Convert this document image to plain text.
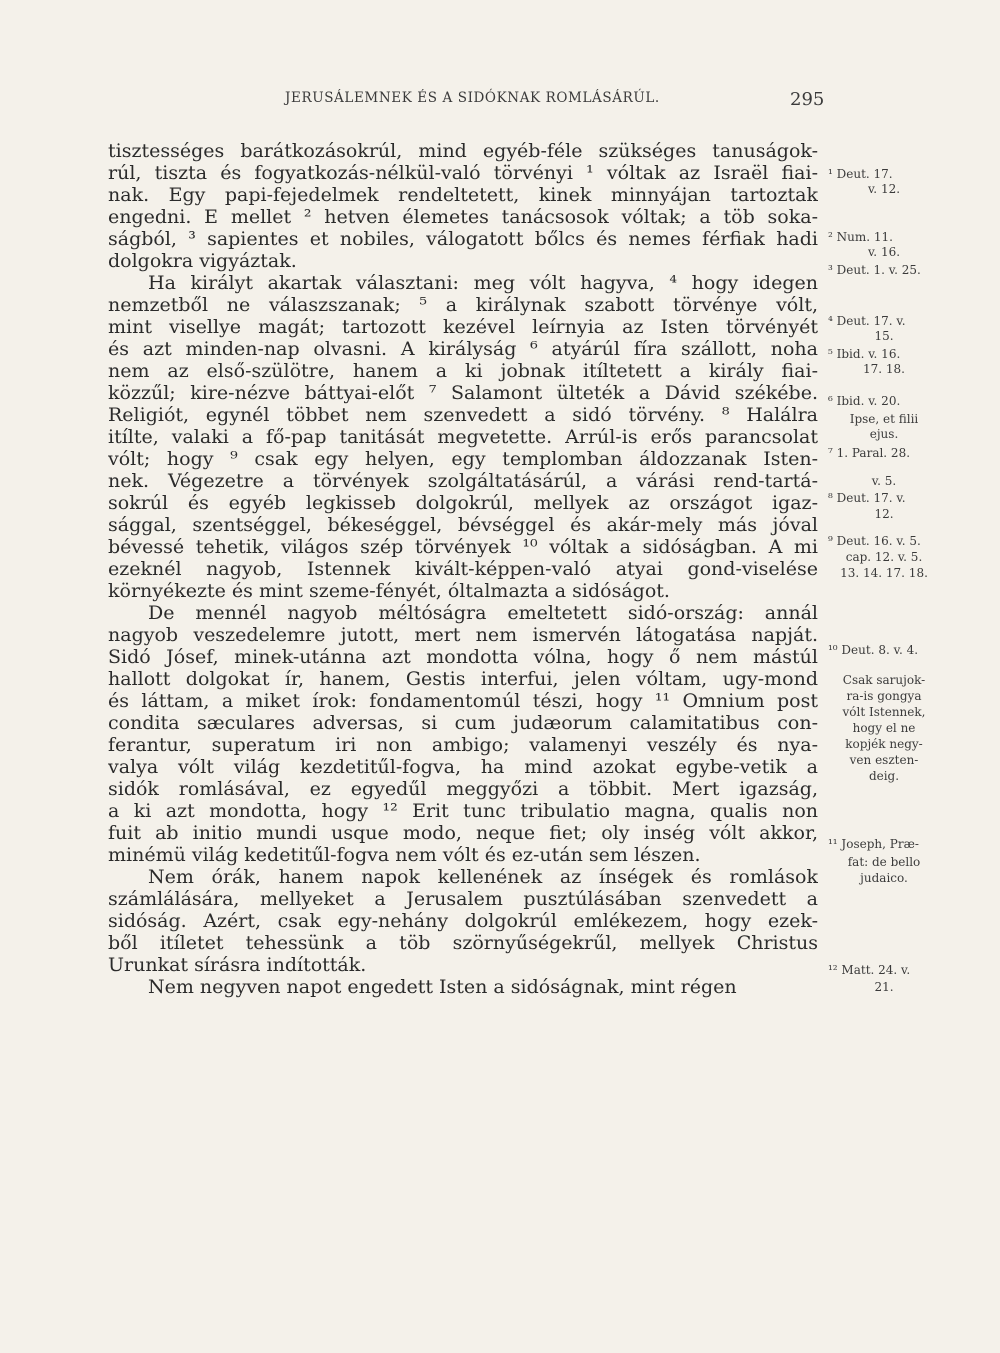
JERUSÁLEMNEK ÉS A SIDÓKNAK ROMLÁSÁRÚL.	295
tisztességes barátkozásokrúl, mind egyéb-féle szükséges tanuságok-
rúl, tiszta és fogyatkozás-nélkül-való törvényi ¹ vóltak az Israël fiai-
nak. Egy papi-fejedelmek rendeltetett, kinek minnyájan tartoztak
engedni. E mellet ² hetven élemetes tanácsosok vóltak; a töb soka-
ságból, ³ sapientes et nobiles, válogatott bőlcs és nemes férfiak hadi
dolgokra vigyáztak.
Ha királyt akartak választani: meg vólt hagyva, ⁴ hogy idegen
nemzetből ne válaszszanak; ⁵ a királynak szabott törvénye vólt,
mint visellye magát; tartozott kezével leírnyia az Isten törvényét
és azt minden-nap olvasni. A királyság ⁶ atyárúl fíra szállott, noha
nem az első-szülötre, hanem a ki jobnak itíltetett a király fiai-
közzűl; kire-nézve báttyai-előt ⁷ Salamont ülteték a Dávid székébe.
Religiót, egynél többet nem szenvedett a sidó törvény. ⁸ Halálra
itílte, valaki a fő-pap tanitását megvetette. Arrúl-is erős parancsolat
vólt; hogy ⁹ csak egy helyen, egy templomban áldozzanak Isten-
nek. Végezetre a törvények szolgáltatásárúl, a várási rend-tartá-
sokrúl és egyéb legkisseb dolgokrúl, mellyek az országot igaz-
sággal, szentséggel, békeséggel, bévséggel és akár-mely más jóval
bévessé tehetik, világos szép törvények ¹⁰ vóltak a sidóságban. A mi
ezeknél nagyob, Istennek kivált-képpen-való atyai gond-viselése
környékezte és mint szeme-fényét, óltalmazta a sidóságot.
De mennél nagyob méltóságra emeltetett sidó-ország: annál
nagyob veszedelemre jutott, mert nem ismervén látogatása napját.
Sidó Jósef, minek-utánna azt mondotta vólna, hogy ő nem mástúl
hallott dolgokat ír, hanem, Gestis interfui, jelen vóltam, ugy-mond
és láttam, a miket írok: fondamentomúl tészi, hogy ¹¹ Omnium post
condita sæculares adversas, si cum judæorum calamitatibus con-
ferantur, superatum iri non ambigo; valamenyi veszély és nya-
valya vólt világ kezdetitűl-fogva, ha mind azokat egybe-vetik a
sidók romlásával, ez egyedűl meggyőzi a többit. Mert igazság,
a ki azt mondotta, hogy ¹² Erit tunc tribulatio magna, qualis non
fuit ab initio mundi usque modo, neque fiet; oly inség vólt akkor,
minémü világ kedetitűl-fogva nem vólt és ez-után sem lészen.
Nem órák, hanem napok kellenének az ínségek és romlások
számlálására, mellyeket a Jerusalem pusztúlásában szenvedett a
sidóság. Azért, csak egy-nehány dolgokrúl emlékezem, hogy ezek-
ből itíletet tehessünk a töb szörnyűségekrűl, mellyek Christus
Urunkat sírásra indították.
Nem negyven napot engedett Isten a sidóságnak, mint régen
¹ Deut. 17.
v. 12.
² Num. 11.
v. 16.
³ Deut. 1. v. 25.
⁴ Deut. 17. v.
15.
⁵ Ibid. v. 16.
17. 18.
⁶ Ibid. v. 20.
Ipse, et filii
ejus.
⁷ 1. Paral. 28.
v. 5.
⁸ Deut. 17. v.
12.
⁹ Deut. 16. v. 5.
cap. 12. v. 5.
13. 14. 17. 18.
¹⁰ Deut. 8. v. 4.
Csak sarujok-
ra-is gongya
vólt Istennek,
hogy el ne
kopjék negy-
ven eszten-
deig.
¹¹ Joseph, Præ-
fat: de bello
judaico.
¹² Matt. 24. v.
21.
